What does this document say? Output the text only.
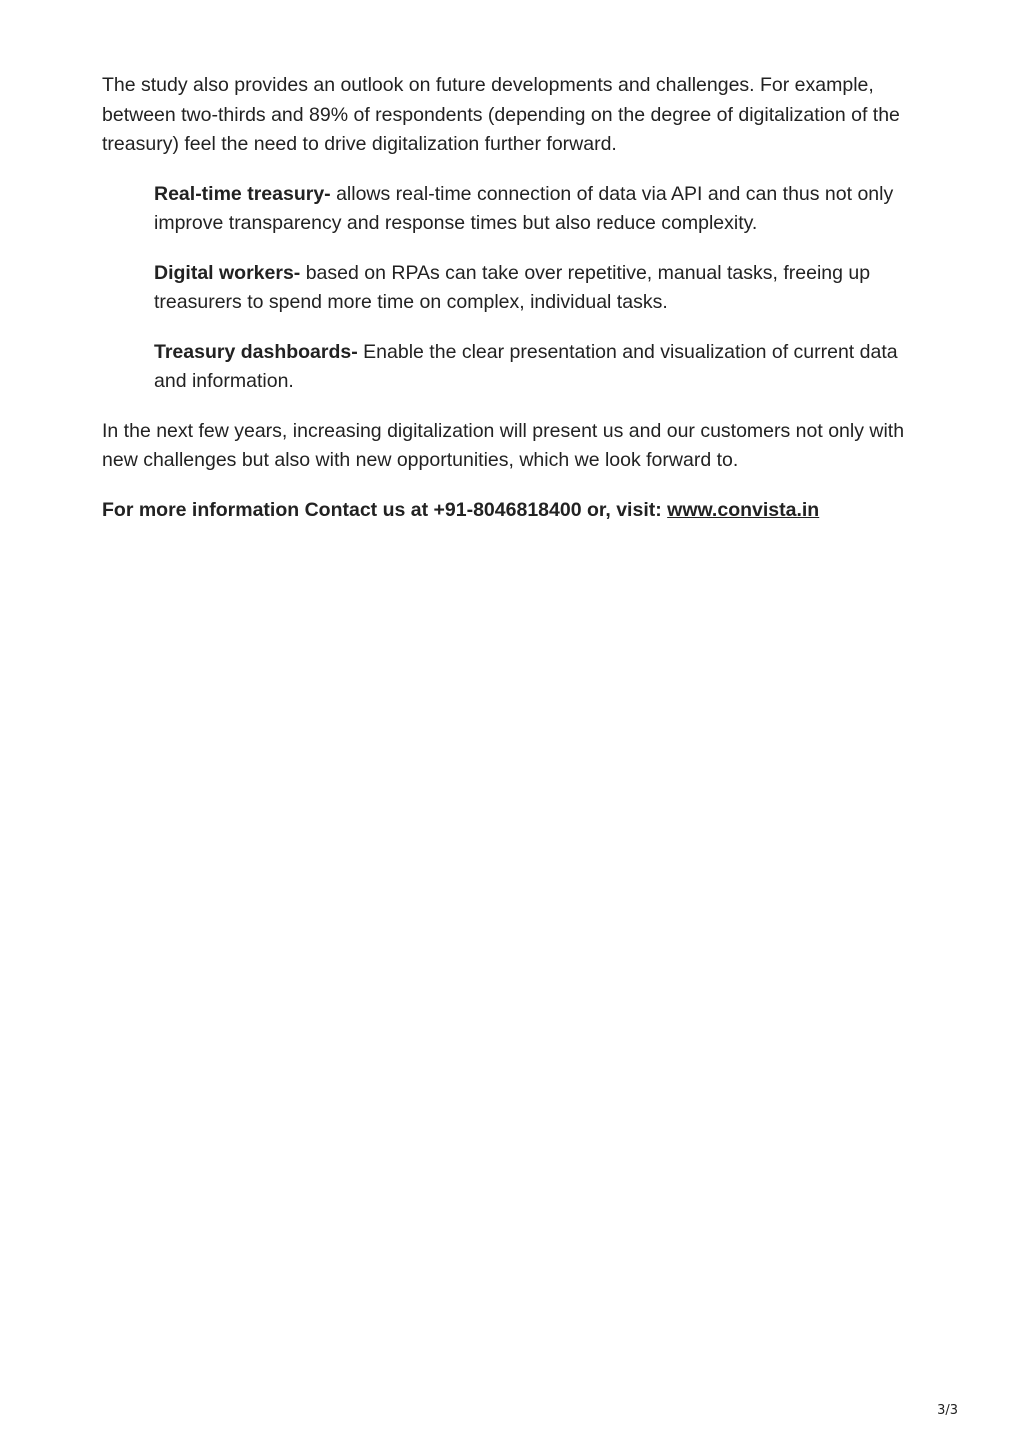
The study also provides an outlook on future developments and challenges. For example, between two-thirds and 89% of respondents (depending on the degree of digitalization of the treasury) feel the need to drive digitalization further forward.

Real-time treasury- allows real-time connection of data via API and can thus not only improve transparency and response times but also reduce complexity.

Digital workers- based on RPAs can take over repetitive, manual tasks, freeing up treasurers to spend more time on complex, individual tasks.

Treasury dashboards- Enable the clear presentation and visualization of current data and information.

In the next few years, increasing digitalization will present us and our customers not only with new challenges but also with new opportunities, which we look forward to.

For more information Contact us at +91-8046818400 or, visit: www.convista.in

3/3
